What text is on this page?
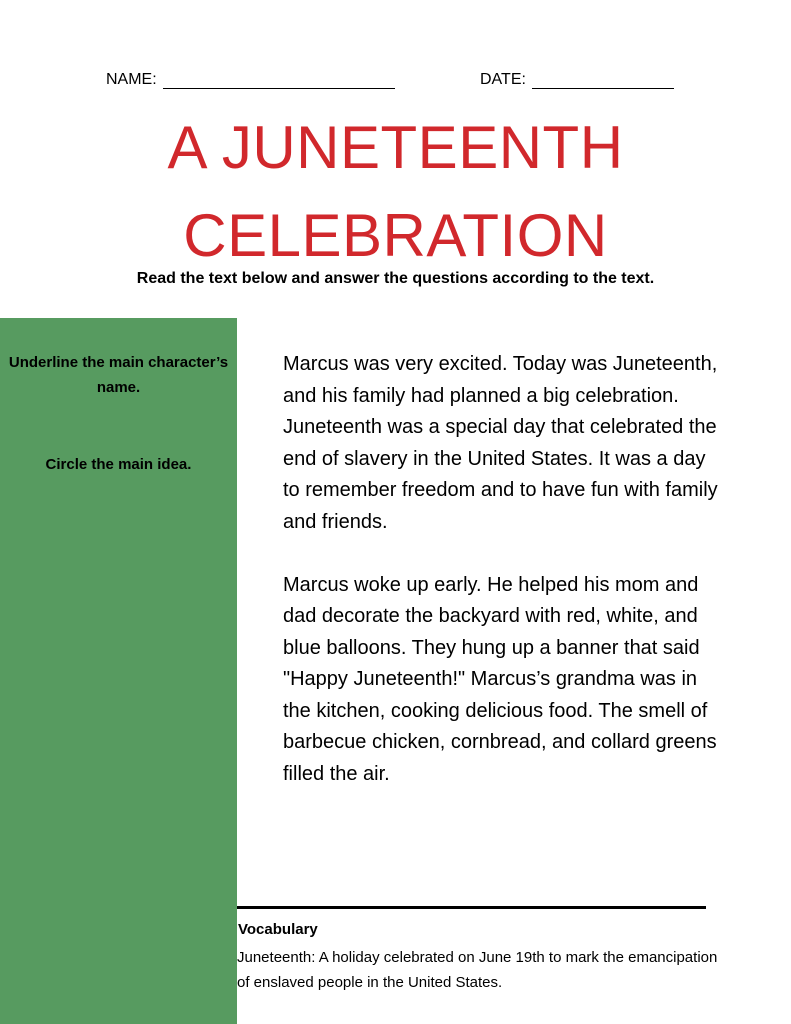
NAME:	DATE:
A JUNETEENTH
CELEBRATION
Read the text below and answer the questions according to the text.
Underline the main character’s name.
Circle the main idea.

Marcus was very excited. Today was Juneteenth, and his family had planned a big celebration. Juneteenth was a special day that celebrated the end of slavery in the United States. It was a day to remember freedom and to have fun with family and friends.

Marcus woke up early. He helped his mom and dad decorate the backyard with red, white, and blue balloons. They hung up a banner that said "Happy Juneteenth!" Marcus’s grandma was in the kitchen, cooking delicious food. The smell of barbecue chicken, cornbread, and collard greens filled the air.

Vocabulary
Juneteenth: A holiday celebrated on June 19th to mark the emancipation of enslaved people in the United States.
